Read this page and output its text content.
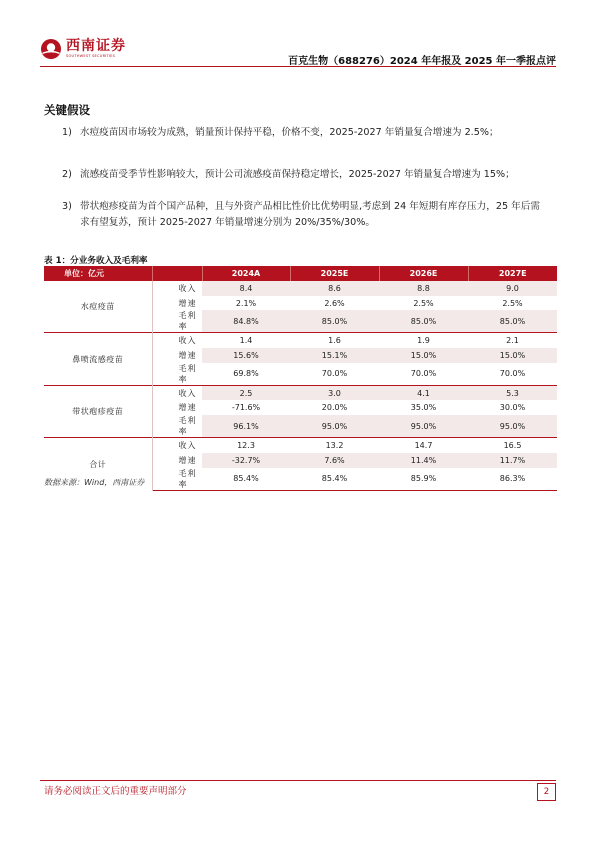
西南证券
SOUTHWEST SECURITIES	百克生物（688276）2024 年年报及 2025 年一季报点评
关键假设
1) 水痘疫苗因市场较为成熟，销量预计保持平稳，价格不变，2025-2027 年销量复合增速为 2.5%；
2) 流感疫苗受季节性影响较大，预计公司流感疫苗保持稳定增长，2025-2027 年销量复合增速为 15%；
3) 带状疱疹疫苗为首个国产品种，且与外资产品相比性价比优势明显,考虑到 24 年短期有库存压力，25 年后需求有望复苏，预计 2025-2027 年销量增速分别为 20%/35%/30%。
表 1：分业务收入及毛利率
单位：亿元		2024A	2025E	2026E	2027E
水痘疫苗	收入	8.4	8.6	8.8	9.0
	增速	2.1%	2.6%	2.5%	2.5%
	毛利率	84.8%	85.0%	85.0%	85.0%
鼻喷流感疫苗	收入	1.4	1.6	1.9	2.1
	增速	15.6%	15.1%	15.0%	15.0%
	毛利率	69.8%	70.0%	70.0%	70.0%
带状疱疹疫苗	收入	2.5	3.0	4.1	5.3
	增速	-71.6%	20.0%	35.0%	30.0%
	毛利率	96.1%	95.0%	95.0%	95.0%
合计	收入	12.3	13.2	14.7	16.5
	增速	-32.7%	7.6%	11.4%	11.7%
	毛利率	85.4%	85.4%	85.9%	86.3%
数据来源：Wind，西南证券
请务必阅读正文后的重要声明部分	2
